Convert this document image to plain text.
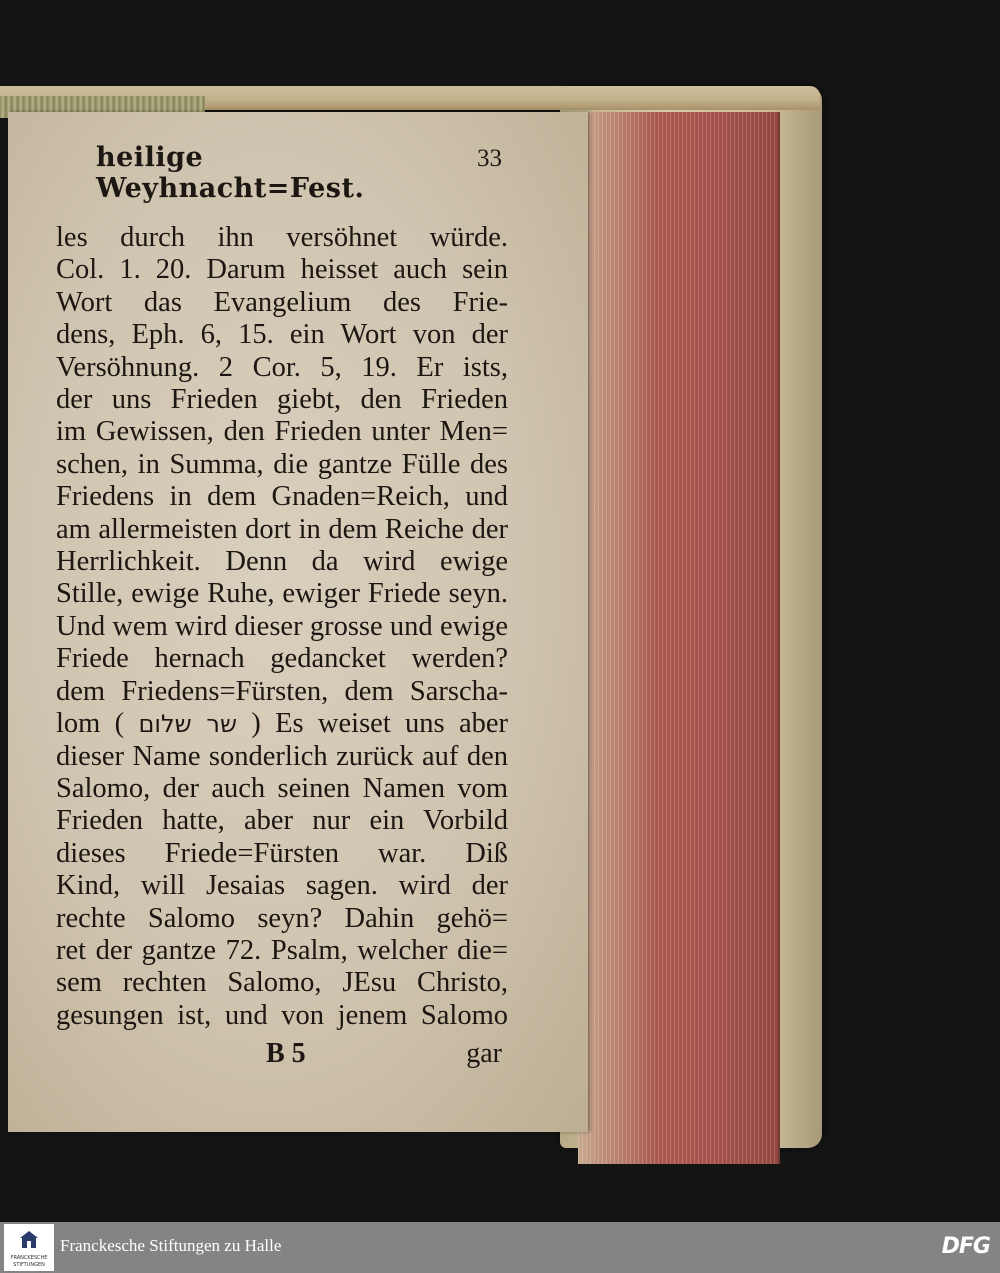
heilige Weyhnacht=Fest.
33
les durch ihn versöhnet würde.
Col. 1. 20. Darum heisset auch sein
Wort das Evangelium des Frie-
dens, Eph. 6, 15. ein Wort von der
Versöhnung. 2 Cor. 5, 19. Er ists,
der uns Frieden giebt, den Frieden
im Gewissen, den Frieden unter Men=
schen, in Summa, die gantze Fülle des
Friedens in dem Gnaden=Reich, und
am allermeisten dort in dem Reiche der
Herrlichkeit. Denn da wird ewige
Stille, ewige Ruhe, ewiger Friede seyn.
Und wem wird dieser grosse und ewige
Friede hernach gedancket werden?
dem Friedens=Fürsten, dem Sarscha-
lom ( שר שלום ) Es weiset uns aber
dieser Name sonderlich zurück auf den
Salomo, der auch seinen Namen vom
Frieden hatte, aber nur ein Vorbild
dieses Friede=Fürsten war. Diß
Kind, will Jesaias sagen. wird der
rechte Salomo seyn? Dahin gehö=
ret der gantze 72. Psalm, welcher die=
sem rechten Salomo, JEsu Christo,
gesungen ist, und von jenem Salomo
B 5	gar
FRANCKESCHE
STIFTUNGEN
Franckesche Stiftungen zu Halle	DFG
